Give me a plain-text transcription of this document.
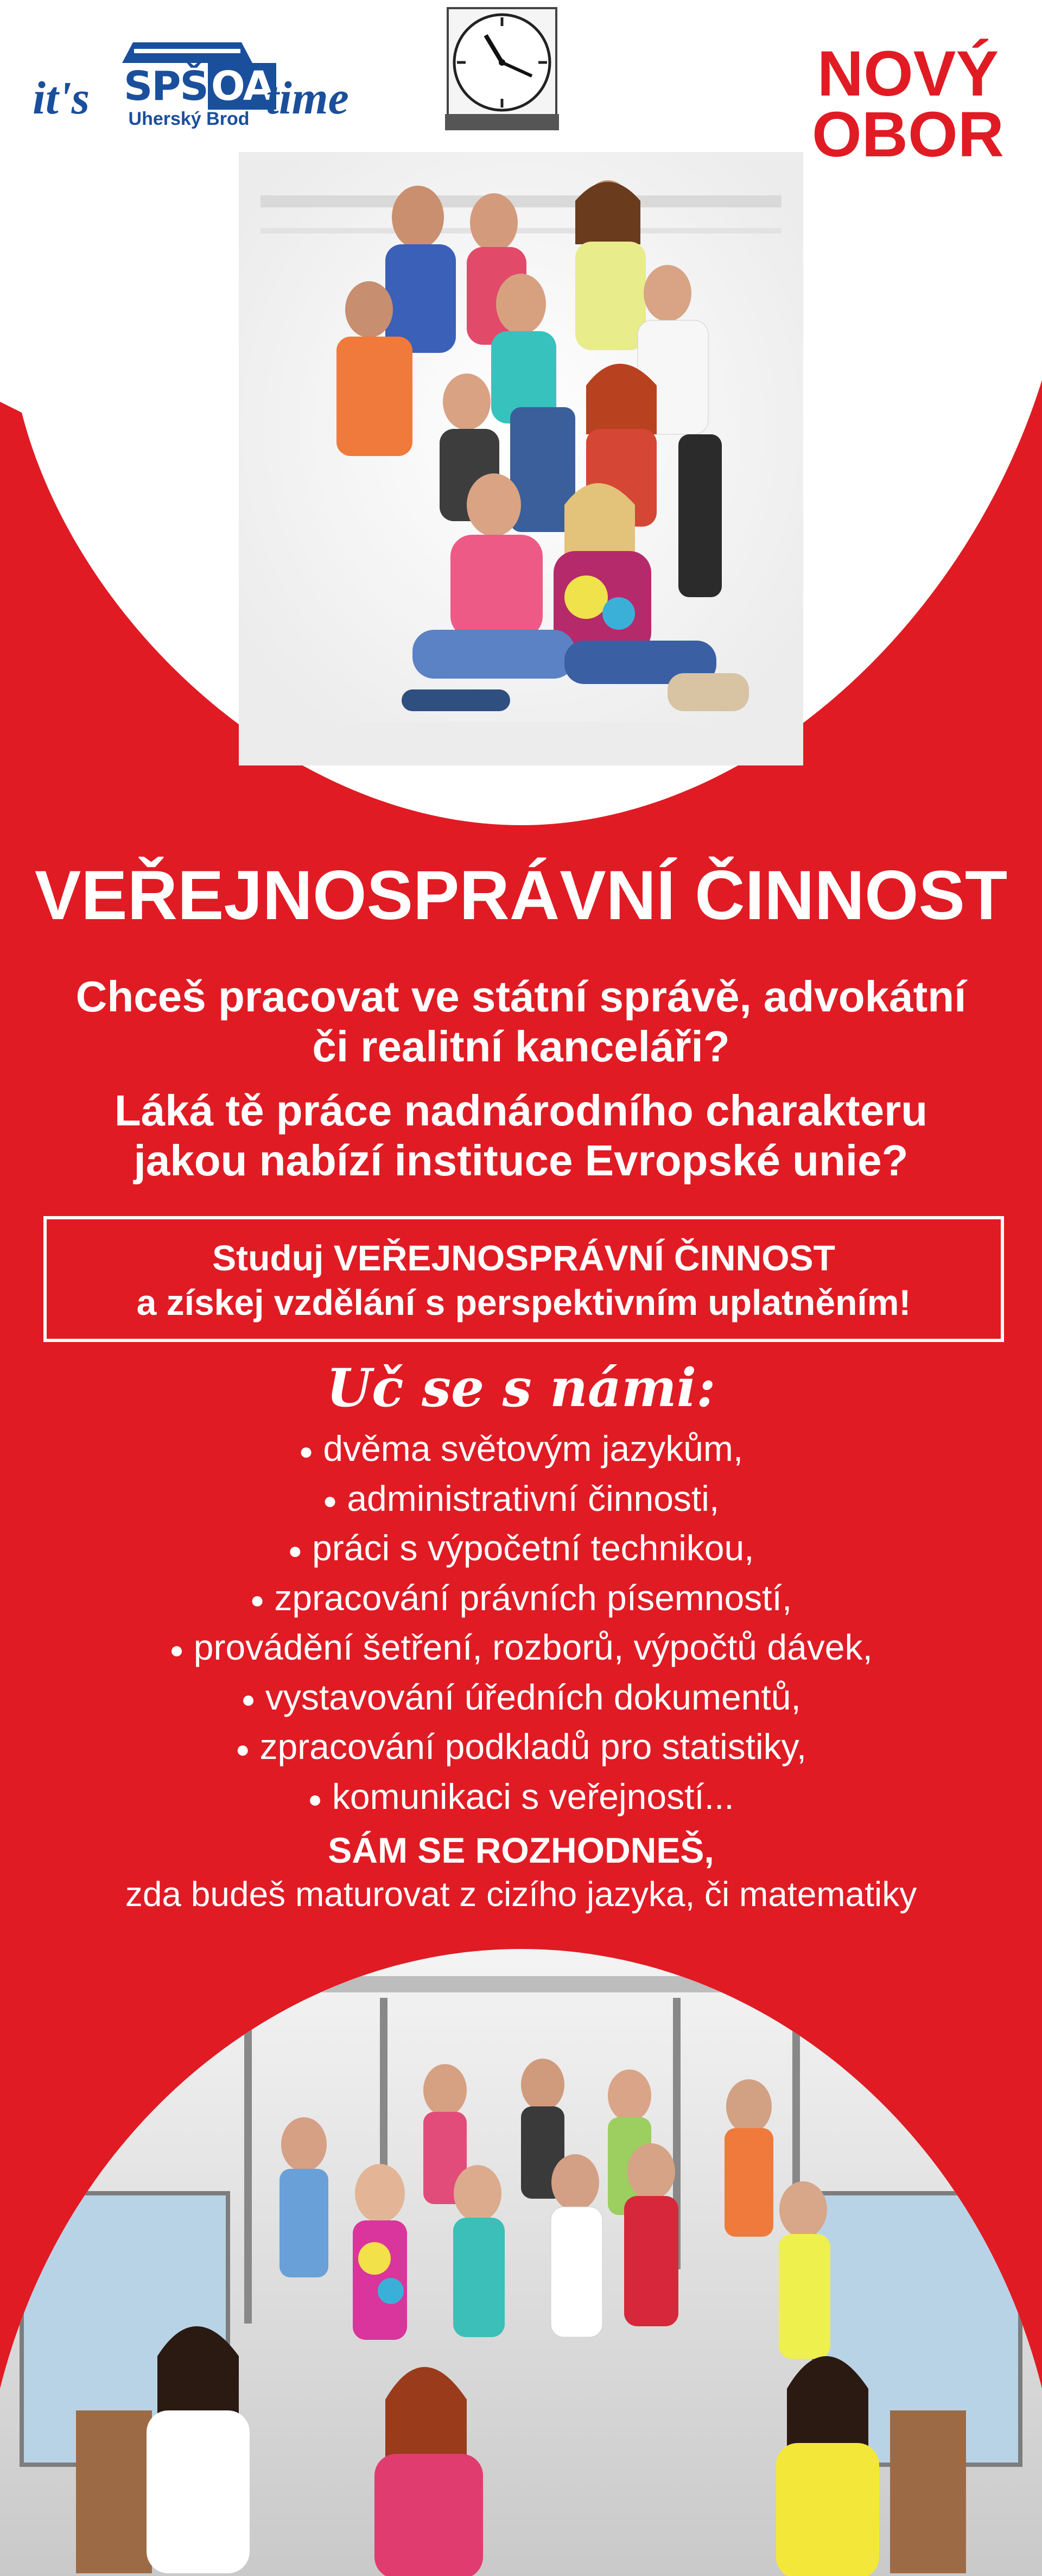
it's SPŠOA
Uherský Brod time	NOVÝ
OBOR
VEŘEJNOSPRÁVNÍ ČINNOST
Chceš pracovat ve státní správě, advokátní
či realitní kanceláři?
Láká tě práce nadnárodního charakteru
jakou nabízí instituce Evropské unie?
Studuj VEŘEJNOSPRÁVNÍ ČINNOST
a získej vzdělání s perspektivním uplatněním!
Uč se s námi:
● dvěma světovým jazykům,
● administrativní činnosti,
● práci s výpočetní technikou,
● zpracování právních písemností,
● provádění šetření, rozborů, výpočtů dávek,
● vystavování úředních dokumentů,
● zpracování podkladů pro statistiky,
● komunikaci s veřejností...
SÁM SE ROZHODNEŠ,
zda budeš maturovat z cizího jazyka, či matematiky
